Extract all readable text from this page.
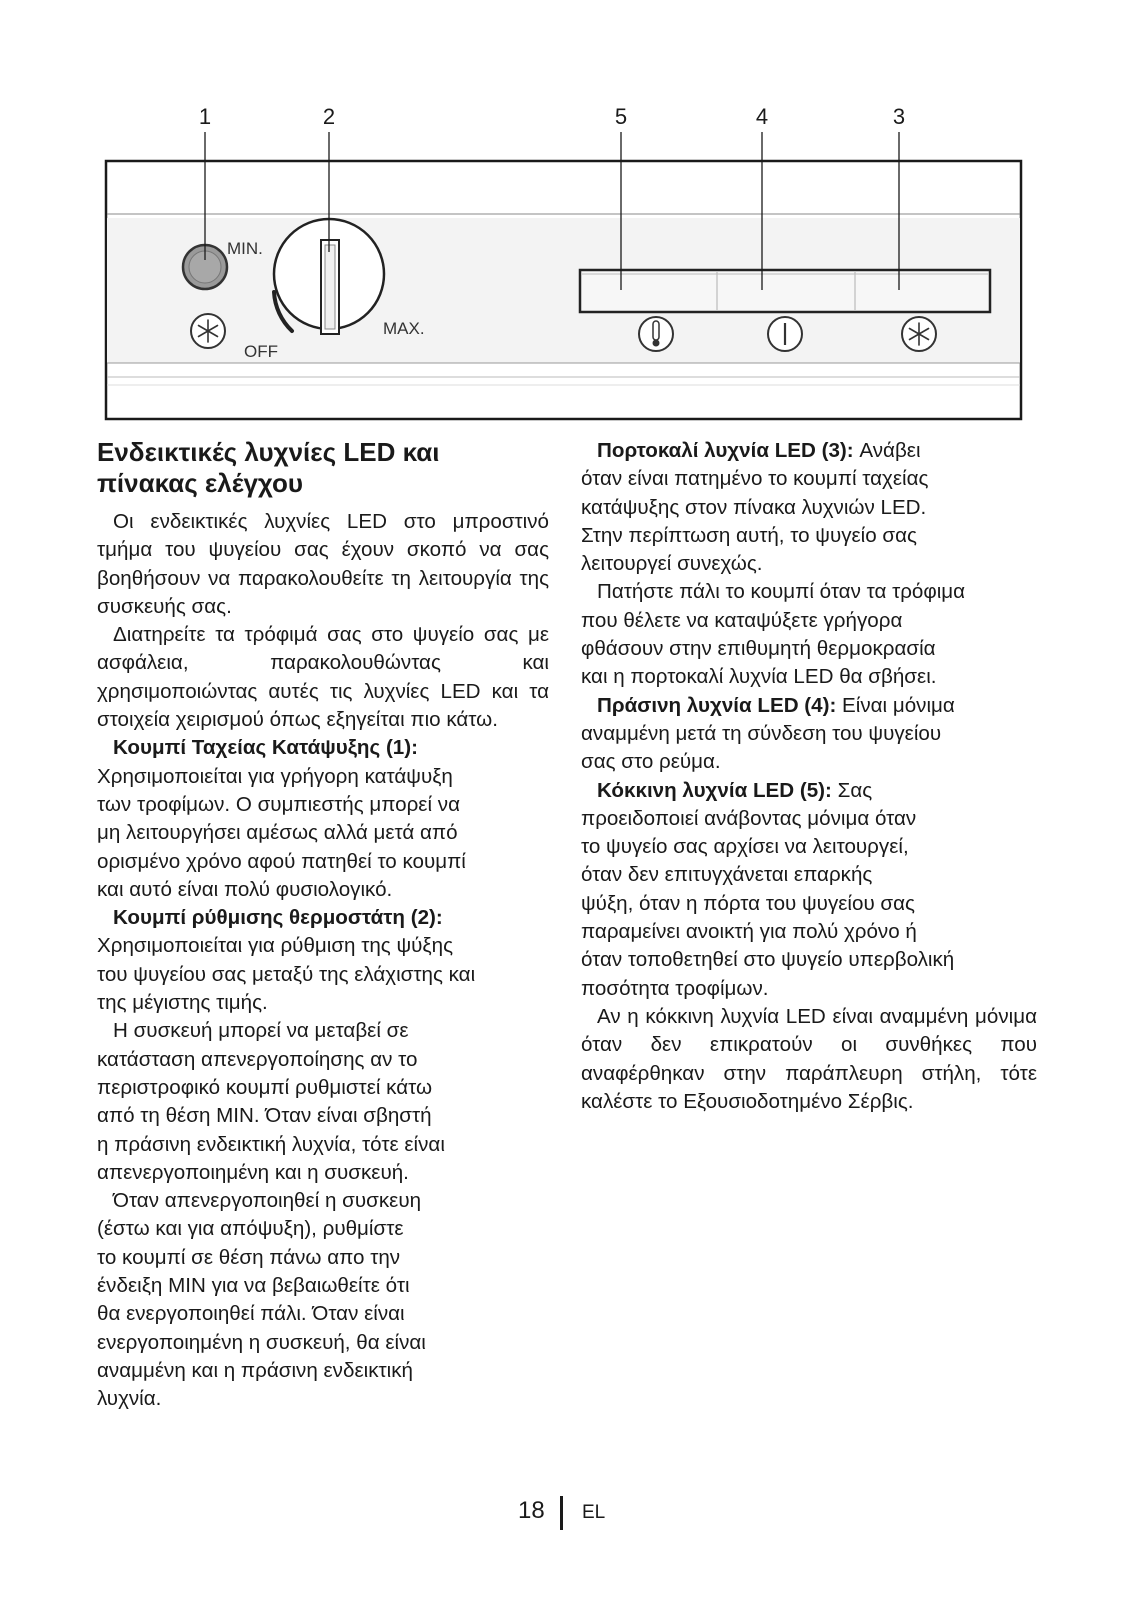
1	2	5	4	3
MIN.
MAX.
OFF
Ενδεικτικές λυχνίες LED και
πίνακας ελέγχου

Οι ενδεικτικές λυχνίες LED στο μπροστινό τμήμα του ψυγείου σας έχουν σκοπό να σας βοηθήσουν να παρακολουθείτε τη λειτουργία της συσκευής σας.

Διατηρείτε τα τρόφιμά σας στο ψυγείο σας με ασφάλεια, παρακολουθώντας και χρησιμοποιώντας αυτές τις λυχνίες LED και τα στοιχεία χειρισμού όπως εξηγείται πιο κάτω.

Κουμπί Ταχείας Κατάψυξης (1):

Χρησιμοποιείται για γρήγορη κατάψυξη
των τροφίμων. Ο συμπιεστής μπορεί να
μη λειτουργήσει αμέσως αλλά μετά από
ορισμένο χρόνο αφού πατηθεί το κουμπί
και αυτό είναι πολύ φυσιολογικό.

Κουμπί ρύθμισης θερμοστάτη (2):

Χρησιμοποιείται για ρύθμιση της ψύξης
του ψυγείου σας μεταξύ της ελάχιστης και
της μέγιστης τιμής.

Η συσκευή μπορεί να μεταβεί σε
κατάσταση απενεργοποίησης αν το
περιστροφικό κουμπί ρυθμιστεί κάτω
από τη θέση MIN. Όταν είναι σβηστή
η πράσινη ενδεικτική λυχνία, τότε είναι
απενεργοποιημένη και η συσκευή.

Όταν απενεργοποιηθεί η συσκευη
(έστω και για απόψυξη), ρυθμίστε
το κουμπί σε θέση πάνω απο την
ένδειξη MIN για να βεβαιωθείτε ότι
θα ενεργοποιηθεί πάλι. Όταν είναι
ενεργοποιημένη η συσκευή, θα είναι
αναμμένη και η πράσινη ενδεικτική
λυχνία.

Πορτοκαλί λυχνία LED (3): Ανάβει
όταν είναι πατημένο το κουμπί ταχείας
κατάψυξης στον πίνακα λυχνιών LED.
Στην περίπτωση αυτή, το ψυγείο σας
λειτουργεί συνεχώς.

Πατήστε πάλι το κουμπί όταν τα τρόφιμα
που θέλετε να καταψύξετε γρήγορα
φθάσουν στην επιθυμητή θερμοκρασία
και η πορτοκαλί λυχνία LED θα σβήσει.

Πράσινη λυχνία LED (4): Είναι μόνιμα
αναμμένη μετά τη σύνδεση του ψυγείου
σας στο ρεύμα.

Κόκκινη λυχνία LED (5): Σας
προειδοποιεί ανάβοντας μόνιμα όταν
το ψυγείο σας αρχίσει να λειτουργεί,
όταν δεν επιτυγχάνεται επαρκής
ψύξη, όταν η πόρτα του ψυγείου σας
παραμείνει ανοικτή για πολύ χρόνο ή
όταν τοποθετηθεί στο ψυγείο υπερβολική
ποσότητα τροφίμων.

Αν η κόκκινη λυχνία LED είναι αναμμένη μόνιμα όταν δεν επικρατούν οι συνθήκες που αναφέρθηκαν στην παράπλευρη στήλη, τότε καλέστε το Εξουσιοδοτημένο Σέρβις.

18 EL
